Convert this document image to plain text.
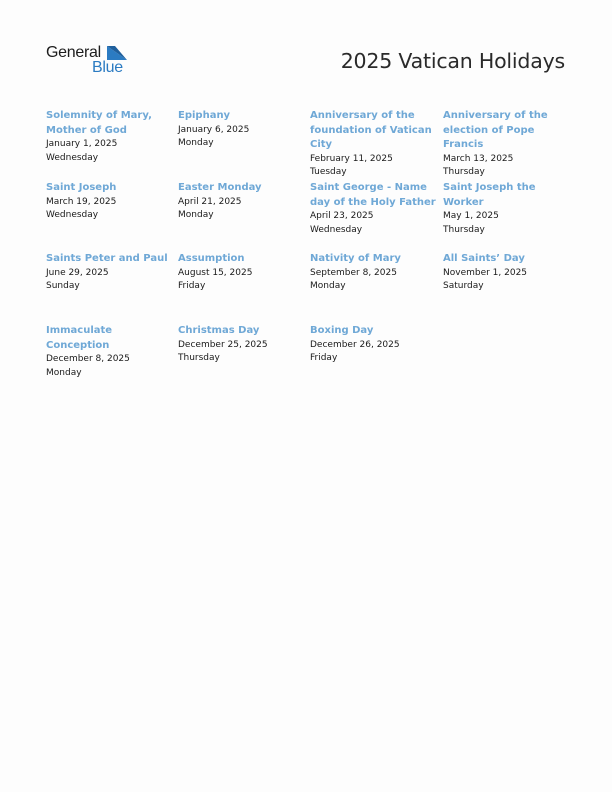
General
Blue	2025 Vatican Holidays
Solemnity of Mary, Mother of God
January 1, 2025
Wednesday
Epiphany
January 6, 2025
Monday
Anniversary of the foundation of Vatican City
February 11, 2025
Tuesday
Anniversary of the election of Pope Francis
March 13, 2025
Thursday
Saint Joseph
March 19, 2025
Wednesday
Easter Monday
April 21, 2025
Monday
Saint George - Name day of the Holy Father
April 23, 2025
Wednesday
Saint Joseph the Worker
May 1, 2025
Thursday
Saints Peter and Paul
June 29, 2025
Sunday
Assumption
August 15, 2025
Friday
Nativity of Mary
September 8, 2025
Monday
All Saints’ Day
November 1, 2025
Saturday
Immaculate Conception
December 8, 2025
Monday
Christmas Day
December 25, 2025
Thursday
Boxing Day
December 26, 2025
Friday
